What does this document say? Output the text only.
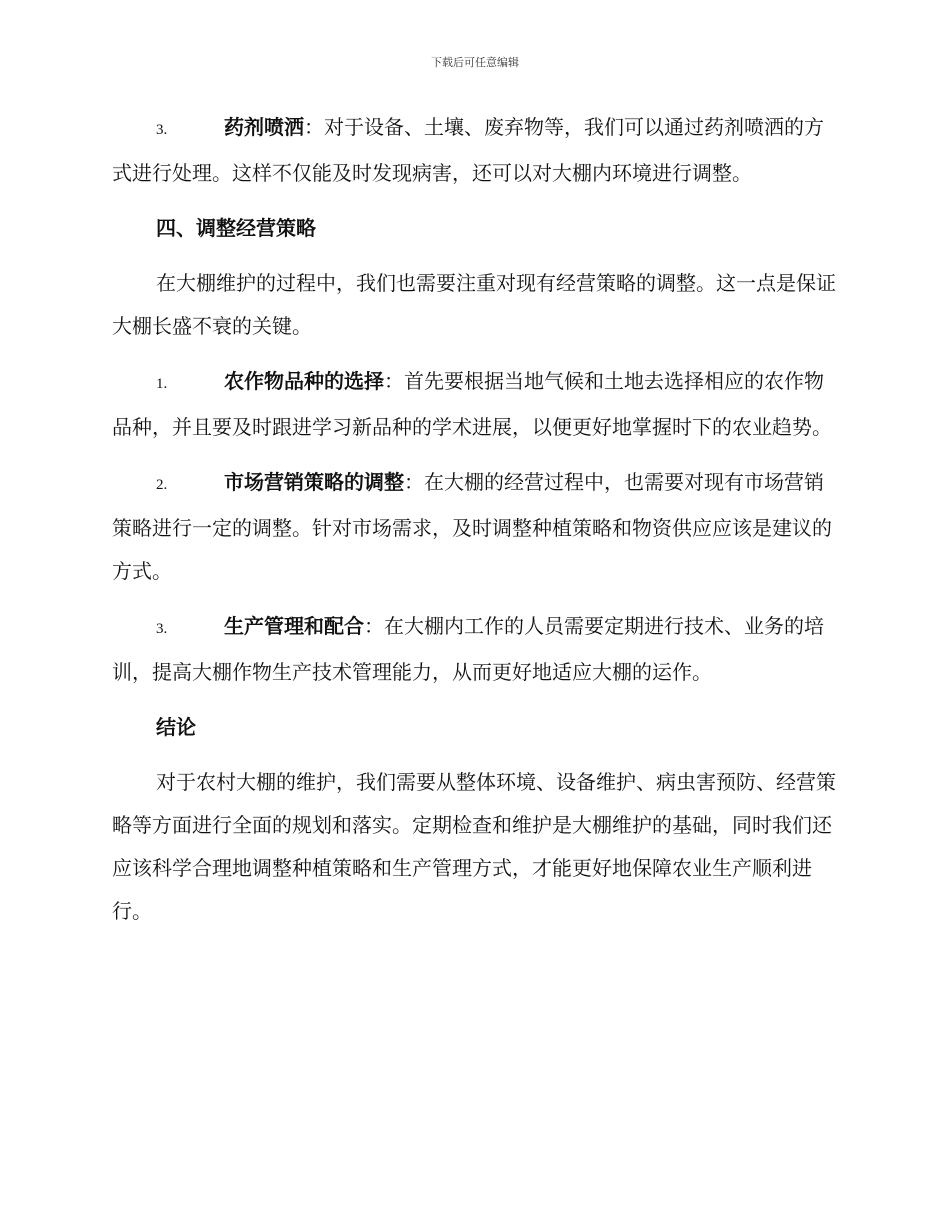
下载后可任意编辑

3.	药剂喷洒：对于设备、土壤、废弃物等，我们可以通过药剂喷洒的方式进行处理。这样不仅能及时发现病害，还可以对大棚内环境进行调整。

四、调整经营策略

在大棚维护的过程中，我们也需要注重对现有经营策略的调整。这一点是保证大棚长盛不衰的关键。

1.	农作物品种的选择：首先要根据当地气候和土地去选择相应的农作物品种，并且要及时跟进学习新品种的学术进展，以便更好地掌握时下的农业趋势。

2.	市场营销策略的调整：在大棚的经营过程中，也需要对现有市场营销策略进行一定的调整。针对市场需求，及时调整种植策略和物资供应应该是建议的方式。

3.	生产管理和配合：在大棚内工作的人员需要定期进行技术、业务的培训，提高大棚作物生产技术管理能力，从而更好地适应大棚的运作。

结论

对于农村大棚的维护，我们需要从整体环境、设备维护、病虫害预防、经营策略等方面进行全面的规划和落实。定期检查和维护是大棚维护的基础，同时我们还应该科学合理地调整种植策略和生产管理方式，才能更好地保障农业生产顺利进行。
